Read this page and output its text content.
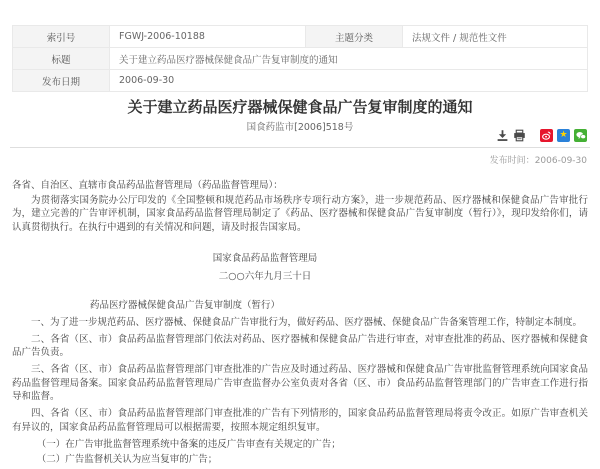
索引号	FGWJ-2006-10188	主题分类	法规文件 / 规范性文件
标题	关于建立药品医疗器械保健食品广告复审制度的通知		
发布日期	2006-09-30		
关于建立药品医疗器械保健食品广告复审制度的通知
国食药监市[2006]518号
★
发布时间：2006-09-30

各省、自治区、直辖市食品药品监督管理局（药品监督管理局）：

为贯彻落实国务院办公厅印发的《全国整顿和规范药品市场秩序专项行动方案》，进一步规范药品、医疗器械和保健食品广告审批行为，建立完善的广告审评机制，国家食品药品监督管理局制定了《药品、医疗器械和保健食品广告复审制度（暂行）》，现印发给你们，请认真贯彻执行。在执行中遇到的有关情况和问题，请及时报告国家局。

国家食品药品监督管理局

二○○六年九月三十日

药品医疗器械保健食品广告复审制度（暂行）

一、为了进一步规范药品、医疗器械、保健食品广告审批行为，做好药品、医疗器械、保健食品广告备案管理工作，特制定本制度。

二、各省（区、市）食品药品监督管理部门依法对药品、医疗器械和保健食品广告进行审查，对审查批准的药品、医疗器械和保健食品广告负责。

三、各省（区、市）食品药品监督管理部门审查批准的广告应及时通过药品、医疗器械和保健食品广告审批监督管理系统向国家食品药品监督管理局备案。国家食品药品监督管理局广告审查监督办公室负责对各省（区、市）食品药品监督管理部门的广告审查工作进行指导和监督。

四、各省（区、市）食品药品监督管理部门审查批准的广告有下列情形的，国家食品药品监督管理局将责令改正。如原广告审查机关有异议的，国家食品药品监督管理局可以根据需要，按照本规定组织复审。

（一）在广告审批监督管理系统中备案的违反广告审查有关规定的广告；

（二）广告监督机关认为应当复审的广告；
